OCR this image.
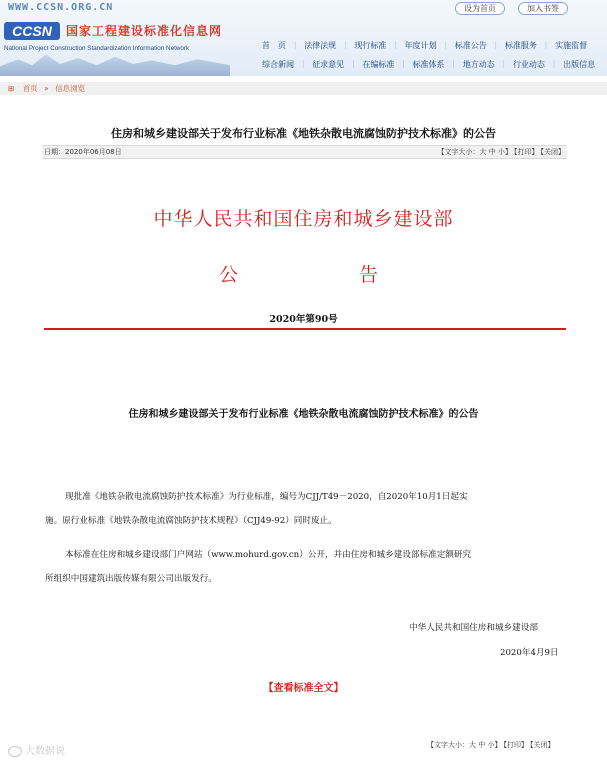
WWW.CCSN.ORG.CN	设为首页	加入书签
CCSN	国家工程建设标准化信息网
National Project Construction Standardization Information Network	首　页 ｜ 法律法规 ｜ 现行标准 ｜ 年度计划 ｜ 标准公告 ｜ 标准服务 ｜ 实施监督
综合新闻 ｜ 征求意见 ｜ 在编标准 ｜ 标准体系 ｜ 地方动态 ｜ 行业动态 ｜ 出版信息
⊞ 首页 » 信息浏览
住房和城乡建设部关于发布行业标准《地铁杂散电流腐蚀防护技术标准》的公告
日期：2020年06月08日	【文字大小：大 中 小】 【打印】 【关闭】
中华人民共和国住房和城乡建设部
公	告
2020年第90号
住房和城乡建设部关于发布行业标准《地铁杂散电流腐蚀防护技术标准》的公告
现批准《地铁杂散电流腐蚀防护技术标准》为行业标准，编号为CJJ/T49－2020，自2020年10月1日起实
施。原行业标准《地铁杂散电流腐蚀防护技术规程》（CJJ49-92）同时废止。
本标准在住房和城乡建设部门户网站（www.mohurd.gov.cn）公开，并由住房和城乡建设部标准定额研究
所组织中国建筑出版传媒有限公司出版发行。
中华人民共和国住房和城乡建设部
2020年4月9日
【查看标准全文】
大数据说
【文字大小：大 中 小】 【打印】 【关闭】
